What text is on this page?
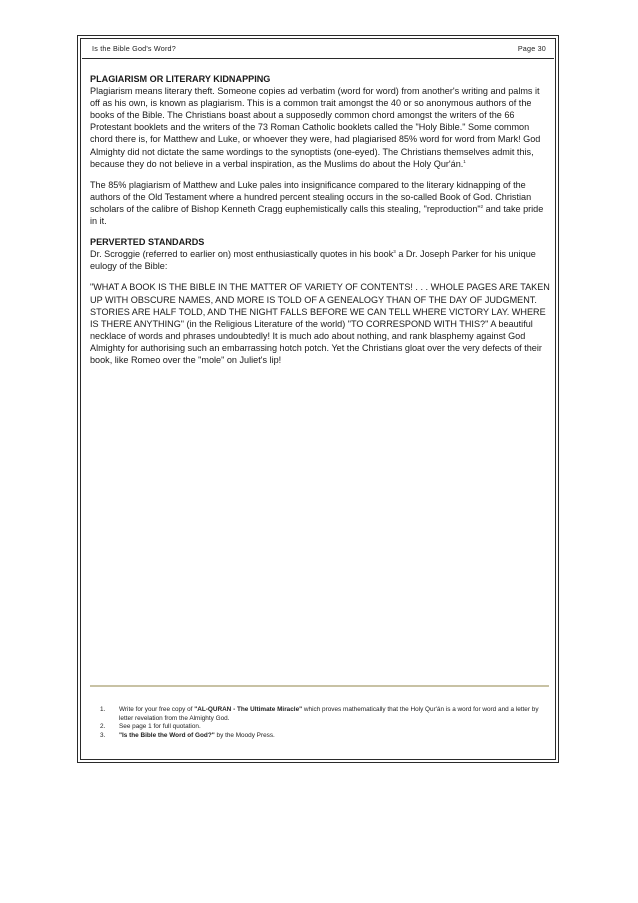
Is the Bible God's Word?	Page 30
PLAGIARISM OR LITERARY KIDNAPPING

Plagiarism means literary theft. Someone copies ad verbatim (word for word) from another's writing and palms it off as his own, is known as plagiarism. This is a common trait amongst the 40 or so anonymous authors of the books of the Bible. The Christians boast about a supposedly common chord amongst the writers of the 66 Protestant booklets and the writers of the 73 Roman Catholic booklets called the "Holy Bible." Some common chord there is, for Matthew and Luke, or whoever they were, had plagiarised 85% word for word from Mark! God Almighty did not dictate the same wordings to the synoptists (one-eyed). The Christians themselves admit this, because they do not believe in a verbal inspiration, as the Muslims do about the Holy Qur'án.$^1$

The 85% plagiarism of Matthew and Luke pales into insignificance compared to the literary kidnapping of the authors of the Old Testament where a hundred percent stealing occurs in the so-called Book of God. Christian scholars of the calibre of Bishop Kenneth Cragg euphemistically calls this stealing, "reproduction"$^2$ and take pride in it.

PERVERTED STANDARDS

Dr. Scroggie (referred to earlier on) most enthusiastically quotes in his book$^3$ a Dr. Joseph Parker for his unique eulogy of the Bible:

"WHAT A BOOK IS THE BIBLE IN THE MATTER OF VARIETY OF CONTENTS! . . . WHOLE PAGES ARE TAKEN UP WITH OBSCURE NAMES, AND MORE IS TOLD OF A GENEALOGY THAN OF THE DAY OF JUDGMENT. STORIES ARE HALF TOLD, AND THE NIGHT FALLS BEFORE WE CAN TELL WHERE VICTORY LAY. WHERE IS THERE ANYTHING" (in the Religious Literature of the world) "TO CORRESPOND WITH THIS?" A beautiful necklace of words and phrases undoubtedly! It is much ado about nothing, and rank blasphemy against God Almighty for authorising such an embarrassing hotch potch. Yet the Christians gloat over the very defects of their book, like Romeo over the "mole" on Juliet's lip!

1.	Write for your free copy of "AL-QURAN - The Ultimate Miracle" which proves mathematically that the Holy Qur'án is a word for word and a letter by letter revelation from the Almighty God.
2.	See page 1 for full quotation.
3.	"Is the Bible the Word of God?" by the Moody Press.
